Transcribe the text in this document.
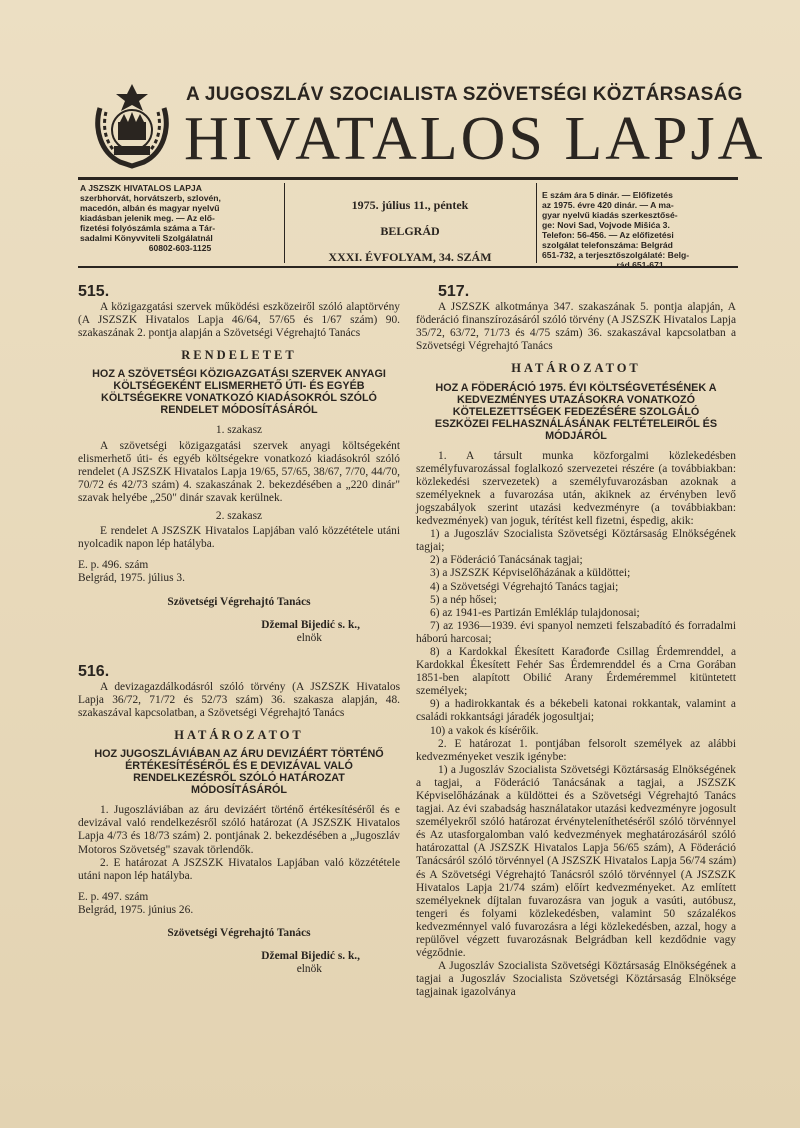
A JUGOSZLÁV SZOCIALISTA SZÖVETSÉGI KÖZTÁRSASÁG
HIVATALOS LAPJA
A JSZSZK HIVATALOS LAPJA
szerbhorvát, horvátszerb, szlovén,
macedón, albán és magyar nyelvű
kiadásban jelenik meg. — Az elő-
fizetési folyószámla száma a Tár-
sadalmi Könyvviteli Szolgálatnál
60802-603-1125
1975. július 11., péntek
BELGRÁD
XXXI. ÉVFOLYAM, 34. SZÁM
E szám ára 5 dinár. — Előfizetés
az 1975. évre 420 dinár. — A ma-
gyar nyelvű kiadás szerkesztősé-
ge: Novi Sad, Vojvode Mišića 3.
Telefon: 56-456. — Az előfizetési
szolgálat telefonszáma: Belgrád
651-732, a terjesztőszolgálaté: Belg-
rád 651-671
515.

A közigazgatási szervek működési eszközeiről szóló alaptörvény (A JSZSZK Hivatalos Lapja 46/64, 57/65 és 1/67 szám) 90. szakaszának 2. pontja alapján a Szövetségi Végrehajtó Tanács

RENDELETET
HOZ A SZÖVETSÉGI KÖZIGAZGATÁSI SZERVEK ANYAGI KÖLTSÉGEKÉNT ELISMERHETŐ ÚTI- ÉS EGYÉB KÖLTSÉGEKRE VONATKOZÓ KIADÁSOKRÓL SZÓLÓ RENDELET MÓDOSÍTÁSÁRÓL
1. szakasz

A szövetségi közigazgatási szervek anyagi költségeként elismerhető úti- és egyéb költségekre vonatkozó kiadásokról szóló rendelet (A JSZSZK Hivatalos Lapja 19/65, 57/65, 38/67, 7/70, 44/70, 70/72 és 42/73 szám) 4. szakaszának 2. bekezdésében a „220 dinár" szavak helyébe „250" dinár szavak kerülnek.

2. szakasz

E rendelet A JSZSZK Hivatalos Lapjában való közzététele utáni nyolcadik napon lép hatályba.

E. p. 496. szám

Belgrád, 1975. július 3.

Szövetségi Végrehajtó Tanács
Džemal Bijedić s. k.,
elnök
516.

A devizagazdálkodásról szóló törvény (A JSZSZK Hivatalos Lapja 36/72, 71/72 és 52/73 szám) 36. szakasza alapján, 48. szakaszával kapcsolatban, a Szövetségi Végrehajtó Tanács

HATÁROZATOT
HOZ JUGOSZLÁVIÁBAN AZ ÁRU DEVIZÁÉRT TÖRTÉNŐ ÉRTÉKESÍTÉSÉRŐL ÉS E DEVIZÁVAL VALÓ RENDELKEZÉSRŐL SZÓLÓ HATÁROZAT MÓDOSÍTÁSÁRÓL

1. Jugoszláviában az áru devizáért történő értékesítéséről és e devizával való rendelkezésről szóló határozat (A JSZSZK Hivatalos Lapja 4/73 és 18/73 szám) 2. pontjának 2. bekezdésében a „Jugoszláv Motoros Szövetség" szavak törlendők.

2. E határozat A JSZSZK Hivatalos Lapjában való közzététele utáni napon lép hatályba.

E. p. 497. szám

Belgrád, 1975. június 26.

Szövetségi Végrehajtó Tanács
Džemal Bijedić s. k.,
elnök
517.

A JSZSZK alkotmánya 347. szakaszának 5. pontja alapján, A föderáció finanszírozásáról szóló törvény (A JSZSZK Hivatalos Lapja 35/72, 63/72, 71/73 és 4/75 szám) 36. szakaszával kapcsolatban a Szövetségi Végrehajtó Tanács

HATÁROZATOT
HOZ A FÖDERÁCIÓ 1975. ÉVI KÖLTSÉGVETÉSÉNEK A KEDVEZMÉNYES UTAZÁSOKRA VONATKOZÓ KÖTELEZETTSÉGEK FEDEZÉSÉRE SZOLGÁLÓ ESZKÖZEI FELHASZNÁLÁSÁNAK FELTÉTELEIRŐL ÉS MÓDJÁRÓL

1. A társult munka közforgalmi közlekedésben személyfuvarozással foglalkozó szervezetei részére (a továbbiakban: közlekedési szervezetek) a személyfuvarozásban azoknak a személyeknek a fuvarozása után, akiknek az érvényben levő jogszabályok szerint utazási kedvezményre (a továbbiakban: kedvezmények) van joguk, térítést kell fizetni, éspedig, akik:

1) a Jugoszláv Szocialista Szövetségi Köztársaság Elnökségének tagjai;

2) a Föderáció Tanácsának tagjai;

3) a JSZSZK Képviselőházának a küldöttei;

4) a Szövetségi Végrehajtó Tanács tagjai;

5) a nép hősei;

6) az 1941-es Partizán Emlékláp tulajdonosai;

7) az 1936—1939. évi spanyol nemzeti felszabadító és forradalmi háború harcosai;

8) a Kardokkal Ékesített Karađorđe Csillag Érdemrenddel, a Kardokkal Ékesített Fehér Sas Érdemrenddel és a Crna Gorában 1851-ben alapított Obilić Arany Érdeméremmel kitüntetett személyek;

9) a hadirokkantak és a békebeli katonai rokkantak, valamint a családi rokkantsági járadék jogosultjai;

10) a vakok és kísérőik.

2. E határozat 1. pontjában felsorolt személyek az alábbi kedvezményeket veszik igénybe:

1) a Jugoszláv Szocialista Szövetségi Köztársaság Elnökségének a tagjai, a Föderáció Tanácsának a tagjai, a JSZSZK Képviselőházának a küldöttei és a Szövetségi Végrehajtó Tanács tagjai. Az évi szabadság használatakor utazási kedvezményre jogosult személyekről szóló határozat érvényteleníthetéséről szóló törvénnyel és Az utasforgalomban való kedvezmények meghatározásáról szóló határozattal (A JSZSZK Hivatalos Lapja 56/65 szám), A Föderáció Tanácsáról szóló törvénnyel (A JSZSZK Hivatalos Lapja 56/74 szám) és A Szövetségi Végrehajtó Tanácsról szóló törvénnyel (A JSZSZK Hivatalos Lapja 21/74 szám) előírt kedvezményeket. Az említett személyeknek díjtalan fuvarozásra van joguk a vasúti, autóbusz, tengeri és folyami közlekedésben, valamint 50 százalékos kedvezménnyel való fuvarozásra a légi közlekedésben, azzal, hogy a repülővel végzett fuvarozásnak Belgrádban kell kezdődnie vagy végződnie.

A Jugoszláv Szocialista Szövetségi Köztársaság Elnökségének a tagjai a Jugoszláv Szocialista Szövetségi Köztársaság Elnöksége tagjainak igazolványa
